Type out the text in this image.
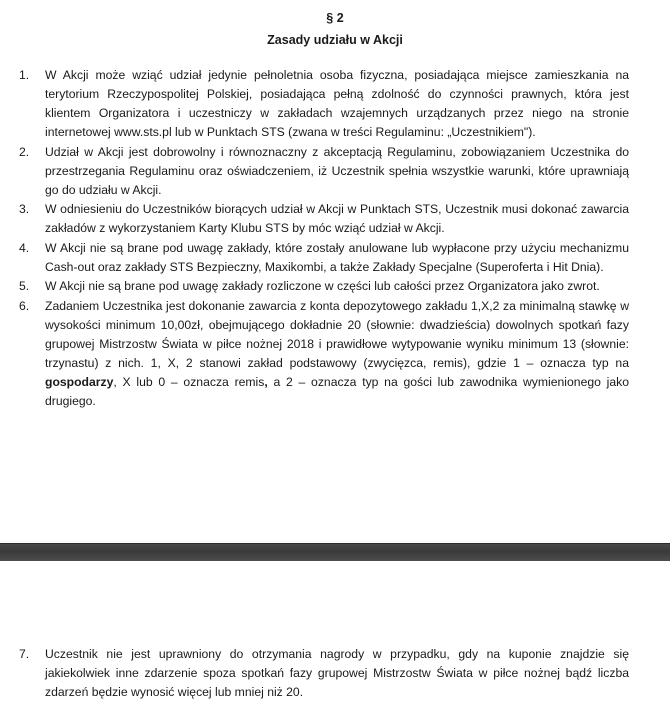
§ 2
Zasady udziału w Akcji
1.	W Akcji może wziąć udział jedynie pełnoletnia osoba fizyczna, posiadająca miejsce zamieszkania na terytorium Rzeczypospolitej Polskiej, posiadająca pełną zdolność do czynności prawnych, która jest klientem Organizatora i uczestniczy w zakładach wzajemnych urządzanych przez niego na stronie internetowej www.sts.pl lub w Punktach STS (zwana w treści Regulaminu: „Uczestnikiem").
2.	Udział w Akcji jest dobrowolny i równoznaczny z akceptacją Regulaminu, zobowiązaniem Uczestnika do przestrzegania Regulaminu oraz oświadczeniem, iż Uczestnik spełnia wszystkie warunki, które uprawniają go do udziału w Akcji.
3.	W odniesieniu do Uczestników biorących udział w Akcji w Punktach STS, Uczestnik musi dokonać zawarcia zakładów z wykorzystaniem Karty Klubu STS by móc wziąć udział w Akcji.
4.	W Akcji nie są brane pod uwagę zakłady, które zostały anulowane lub wypłacone przy użyciu mechanizmu Cash-out oraz zakłady STS Bezpieczny, Maxikombi, a także Zakłady Specjalne (Superoferta i Hit Dnia).
5.	W Akcji nie są brane pod uwagę zakłady rozliczone w części lub całości przez Organizatora jako zwrot.
6.	Zadaniem Uczestnika jest dokonanie zawarcia z konta depozytowego zakładu 1,X,2 za minimalną stawkę w wysokości minimum 10,00zł, obejmującego dokładnie 20 (słownie: dwadzieścia) dowolnych spotkań fazy grupowej Mistrzostw Świata w piłce nożnej 2018 i prawidłowe wytypowanie wyniku minimum 13 (słownie: trzynastu) z nich. 1, X, 2 stanowi zakład podstawowy (zwycięzca, remis), gdzie 1 – oznacza typ na gospodarzy, X lub 0 – oznacza remis, a 2 – oznacza typ na gości lub zawodnika wymienionego jako drugiego.
7.	Uczestnik nie jest uprawniony do otrzymania nagrody w przypadku, gdy na kuponie znajdzie się jakiekolwiek inne zdarzenie spoza spotkań fazy grupowej Mistrzostw Świata w piłce nożnej bądź liczba zdarzeń będzie wynosić więcej lub mniej niż 20.
